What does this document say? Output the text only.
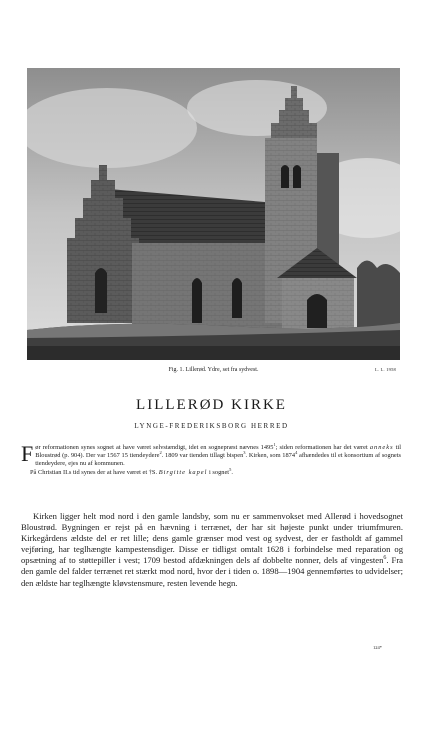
Fig. 1. Lillerød. Ydre, set fra sydvest.	L. L. 1958
LILLERØD KIRKE
LYNGE-FREDERIKSBORG HERRED

Før reformationen synes sognet at have været selvstændigt, idet en sognepræst nævnes 1495$^1$; siden reformationen har det været anneks til Bloustrød (p. 904). Der var 1567 15 tiendeydere$^2$. 1809 var tienden tillagt bispen$^3$. Kirken, som 1874$^4$ afhændedes til et konsortium af sognets tiendeydere, ejes nu af kommunen.

På Christian II.s tid synes der at have været et †S. Birgitte kapel i sognet$^5$.

Kirken ligger helt mod nord i den gamle landsby, som nu er sammenvokset med Allerød i hovedsognet Bloustrød. Bygningen er rejst på en hævning i terrænet, der har sit højeste punkt under triumfmuren. Kirkegårdens ældste del er ret lille; dens gamle grænser mod vest og sydvest, der er fastholdt af gammel vejføring, har teglhængte kampestensdiger. Disse er tidligst omtalt 1628 i forbindelse med reparation og opsætning af to støttepiller i vest; 1709 bestod afdækningen dels af dobbelte nonner, dels af vingesten$^6$. Fra den gamle del falder terrænet ret stærkt mod nord, hvor der i tiden o. 1898—1904 gennemførtes to udvidelser; den ældste har teglhængte kløvstensmure, resten levende hegn.

124*
